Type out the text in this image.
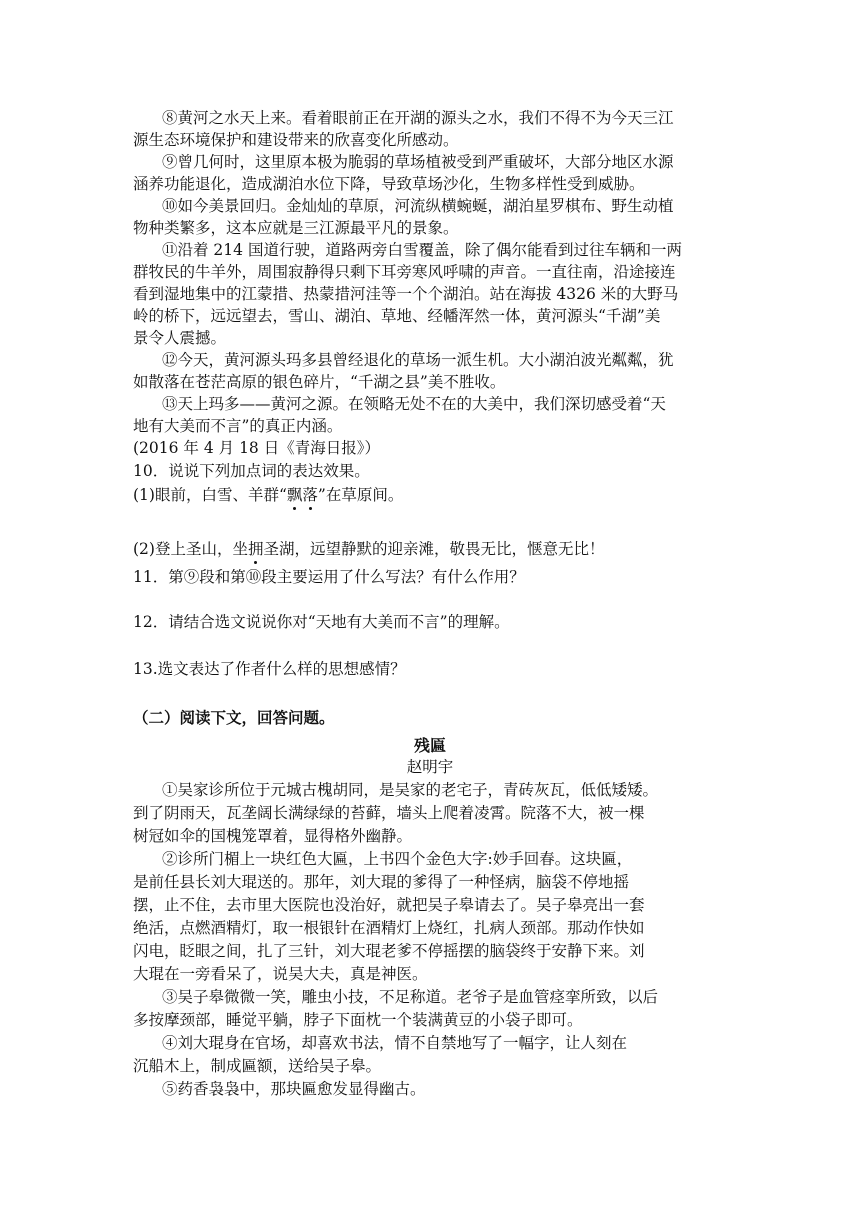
⑧黄河之水天上来。看着眼前正在开湖的源头之水，我们不得不为今天三江
源生态环境保护和建设带来的欣喜变化所感动。
⑨曾几何时，这里原本极为脆弱的草场植被受到严重破坏，大部分地区水源
涵养功能退化，造成湖泊水位下降，导致草场沙化，生物多样性受到威胁。
⑩如今美景回归。金灿灿的草原，河流纵横蜿蜒，湖泊星罗棋布、野生动植
物种类繁多，这本应就是三江源最平凡的景象。
⑪沿着 214 国道行驶，道路两旁白雪覆盖，除了偶尔能看到过往车辆和一两
群牧民的牛羊外，周围寂静得只剩下耳旁寒风呼啸的声音。一直往南，沿途接连
看到湿地集中的江蒙措、热蒙措河洼等一个个湖泊。站在海拔 4326 米的大野马
岭的桥下，远远望去，雪山、湖泊、草地、经幡浑然一体，黄河源头“千湖”美
景令人震撼。
⑫今天，黄河源头玛多县曾经退化的草场一派生机。大小湖泊波光粼粼，犹
如散落在苍茫高原的银色碎片，“千湖之县”美不胜收。
⑬天上玛多——黄河之源。在领略无处不在的大美中，我们深切感受着“天
地有大美而不言”的真正内涵。
(2016 年 4 月 18 日《青海日报》）
10．说说下列加点词的表达效果。
(1)眼前，白雪、羊群“飘落”在草原间。
(2)登上圣山，坐拥圣湖，远望静默的迎亲滩，敬畏无比，惬意无比！
11．第⑨段和第⑩段主要运用了什么写法？有什么作用？
12．请结合选文说说你对“天地有大美而不言”的理解。
13.选文表达了作者什么样的思想感情？
（二）阅读下文，回答问题。
残匾
赵明宇
①吴家诊所位于元城古槐胡同，是吴家的老宅子，青砖灰瓦，低低矮矮。
到了阴雨天，瓦垄阔长满绿绿的苔藓，墙头上爬着凌霄。院落不大，被一棵
树冠如伞的国槐笼罩着，显得格外幽静。
②诊所门楣上一块红色大匾，上书四个金色大字:妙手回春。这块匾，
是前任县长刘大琨送的。那年，刘大琨的爹得了一种怪病，脑袋不停地摇
摆，止不住，去市里大医院也没治好，就把吴子皋请去了。吴子皋亮出一套
绝活，点燃酒精灯，取一根银针在酒精灯上烧红，扎病人颈部。那动作快如
闪电，眨眼之间，扎了三针，刘大琨老爹不停摇摆的脑袋终于安静下来。刘
大琨在一旁看呆了，说吴大夫，真是神医。
③吴子皋微微一笑，雕虫小技，不足称道。老爷子是血管痉挛所致，以后
多按摩颈部，睡觉平躺，脖子下面枕一个装满黄豆的小袋子即可。
④刘大琨身在官场，却喜欢书法，情不自禁地写了一幅字，让人刻在
沉船木上，制成匾额，送给吴子皋。
⑤药香袅袅中，那块匾愈发显得幽古。
